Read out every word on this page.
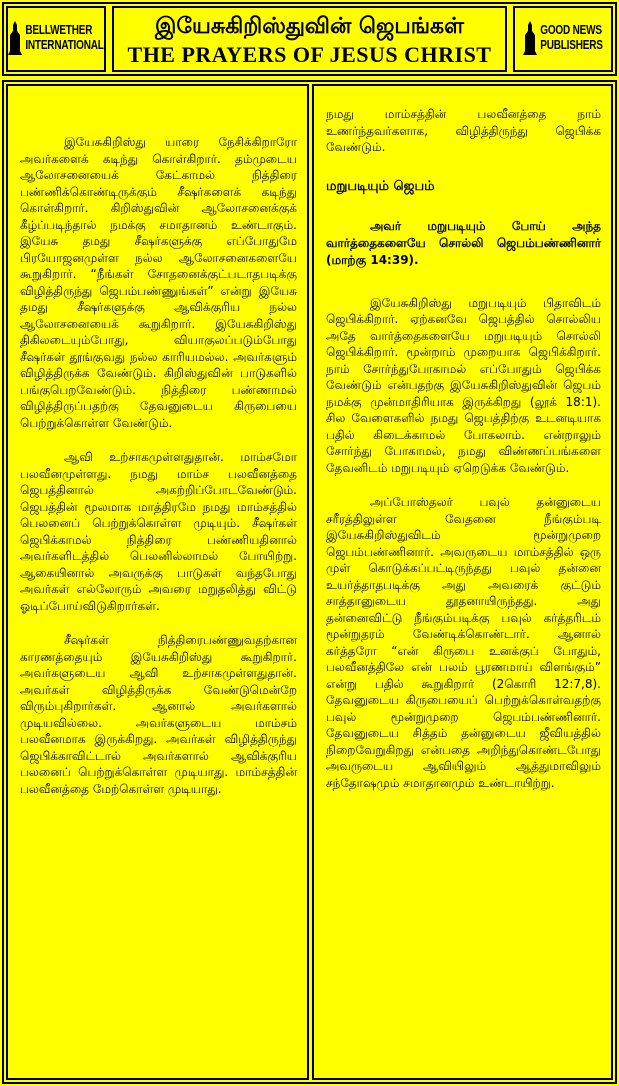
BELLWETHER
INTERNATIONAL
இயேசுகிறிஸ்துவின் ஜெபங்கள்
THE PRAYERS OF JESUS CHRIST
GOOD NEWS
PUBLISHERS

இயேசுகிறிஸ்து யாரை நேசிக்கிறாரோ அவர்களைக் கடிந்து கொள்கிறார். தம்முடைய ஆலோசனையைக் கேட்காமல் நித்திரை பண்ணிக்கொண்டிருக்கும் சீஷர்களைக் கடிந்து கொள்கிறார். கிறிஸ்துவின் ஆலோசனைக்குக் கீழ்ப்படிந்தால் நமக்கு சமாதானம் உண்டாகும். இயேசு தமது சீஷர்களுக்கு எப்போதுமே பிரயோஜனமுள்ள நல்ல ஆலோசனைகளையே கூறுகிறார். “நீங்கள் சோதனைக்குட்படாதபடிக்கு விழித்திருந்து ஜெபம்பண்ணுங்கள்” என்று இயேசு தமது சீஷர்களுக்கு ஆவிக்குரிய நல்ல ஆலோசனையைக் கூறுகிறார். இயேசுகிறிஸ்து திகிலடையும்போது, வியாகுலப்படும்போது சீஷர்கள் தூங்குவது நல்ல காரியமல்ல. அவர்களும் விழித்திருக்க வேண்டும். கிறிஸ்துவின் பாடுகளில் பங்குபெறவேண்டும். நித்திரை பண்ணாமல் விழித்திருப்பதற்கு தேவனுடைய கிருபையை பெற்றுக்கொள்ள வேண்டும்.

ஆவி உற்சாகமுள்ளதுதான். மாம்சமோ பலவீனமுள்ளது. நமது மாம்ச பலவீனத்தை ஜெபத்தினால் அகற்றிப்போடவேண்டும். ஜெபத்தின் மூலமாக மாத்திரமே நமது மாம்சத்தில் பெலனைப் பெற்றுக்கொள்ள முடியும். சீஷர்கள் ஜெபிக்காமல் நித்திரை பண்ணியதினால் அவர்களிடத்தில் பெலனில்லாமல் போயிற்று. ஆகையினால் அவருக்கு பாடுகள் வந்தபோது அவர்கள் எல்லோரும் அவரை மறுதலித்து விட்டு ஓடிப்போய்விடுகிறார்கள்.

சீஷர்கள் நித்திரைபண்ணுவதற்கான காரணத்தையும் இயேசுகிறிஸ்து கூறுகிறார். அவர்களுடைய ஆவி உற்சாகமுள்ளதுதான். அவர்கள் விழித்திருக்க வேண்டுமென்றே விரும்புகிறார்கள். ஆனால் அவர்களால் முடியவில்லை. அவர்களுடைய மாம்சம் பலவீனமாக இருக்கிறது. அவர்கள் விழித்திருந்து ஜெபிக்காவிட்டால் அவர்களால் ஆவிக்குரிய பலனைப் பெற்றுக்கொள்ள முடியாது. மாம்சத்தின் பலவீனத்தை மேற்கொள்ள முடியாது.

நமது மாம்சத்தின் பலவீனத்தை நாம் உணர்ந்தவர்களாக, விழித்திருந்து ஜெபிக்க வேண்டும்.

மறுபடியும் ஜெபம்

அவர் மறுபடியும் போய் அந்த வார்த்தைகளையே சொல்லி ஜெபம்பண்ணினார் (மாற்கு 14:39).

இயேசுகிறிஸ்து மறுபடியும் பிதாவிடம் ஜெபிக்கிறார். ஏற்கனவே ஜெபத்தில் சொல்லிய அதே வார்த்தைகளையே மறுபடியும் சொல்லி ஜெபிக்கிறார். மூன்றாம் முறையாக ஜெபிக்கிறார். நாம் சோர்ந்துபோகாமல் எப்போதும் ஜெபிக்க வேண்டும் என்பதற்கு இயேசுகிறிஸ்துவின் ஜெபம் நமக்கு முன்மாதிரியாக இருக்கிறது (லூக் 18:1). சில வேளைகளில் நமது ஜெபத்திற்கு உடனடியாக பதில் கிடைக்காமல் போகலாம். என்றாலும் சோர்ந்து போகாமல், நமது விண்ணப்பங்களை தேவனிடம் மறுபடியும் ஏறெடுக்க வேண்டும்.

அப்போஸ்தலர் பவுல் தன்னுடைய சரீரத்திலுள்ள வேதனை நீங்கும்படி இயேசுகிறிஸ்துவிடம் மூன்றுமுறை ஜெபம்பண்ணினார். அவருடைய மாம்சத்தில் ஒரு முள் கொடுக்கப்பட்டிருந்தது பவுல் தன்னை உயர்த்தாதபடிக்கு அது அவரைக் குட்டும் சாத்தானுடைய தூதனாயிருந்தது. அது தன்னைவிட்டு நீங்கும்படிக்கு பவுல் கர்த்தரிடம் மூன்றுதரம் வேண்டிக்கொண்டார். ஆனால் கர்த்தரோ “என் கிருபை உனக்குப் போதும், பலவீனத்திலே என் பலம் பூரணமாய் விளங்கும்” என்று பதில் கூறுகிறார் (2கொரி 12:7,8). தேவனுடைய கிருபையைப் பெற்றுக்கொள்வதற்கு பவுல் மூன்றுமுறை ஜெபம்பண்ணினார். தேவனுடைய சித்தம் தன்னுடைய ஜீவியத்தில் நிறைவேறுகிறது என்பதை அறிந்துகொண்டபோது அவருடைய ஆவியிலும் ஆத்துமாவிலும் சந்தோஷமும் சமாதானமும் உண்டாயிற்று.
